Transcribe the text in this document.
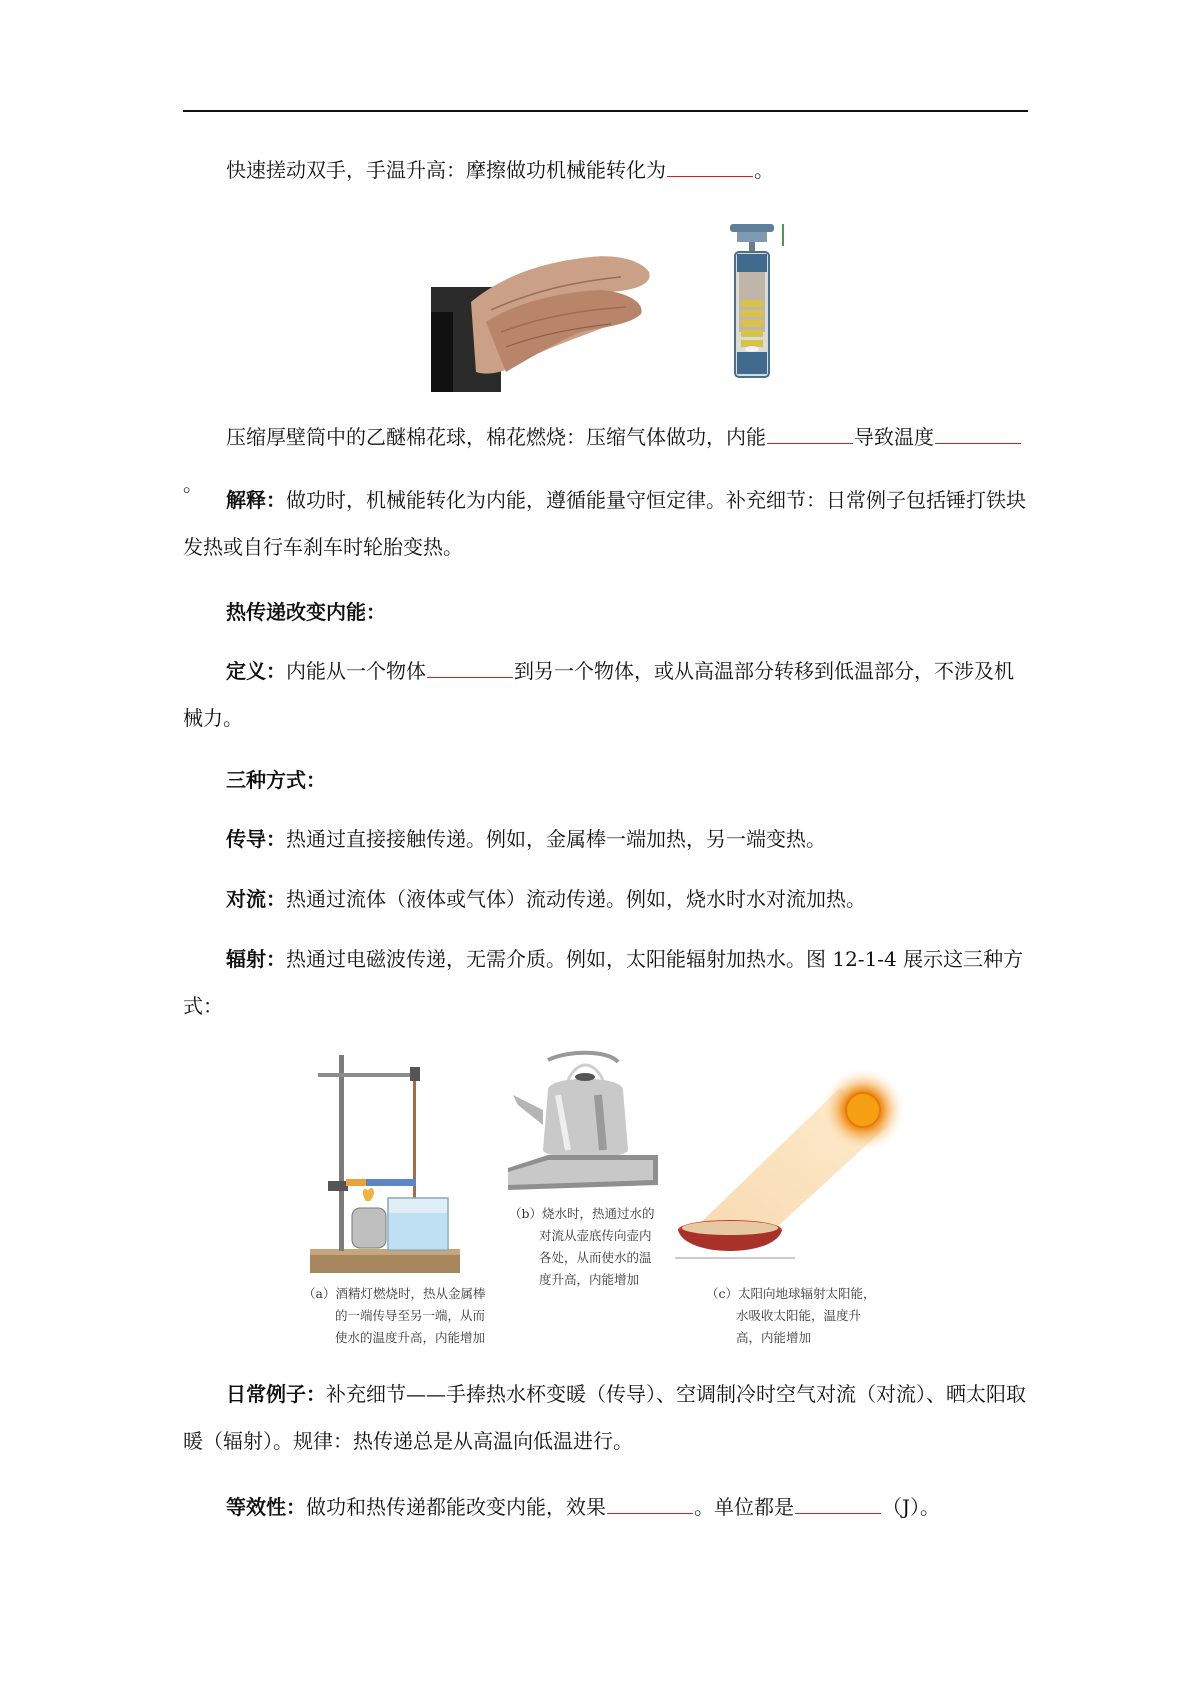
快速搓动双手，手温升高：摩擦做功机械能转化为	。

压缩厚壁筒中的乙醚棉花球，棉花燃烧：压缩气体做功，内能	导致温度。

解释：做功时，机械能转化为内能，遵循能量守恒定律。补充细节：日常例子包括锤打铁块发热或自行车刹车时轮胎变热。

热传递改变内能：

定义：内能从一个物体	到另一个物体，或从高温部分转移到低温部分，不涉及机械力。

三种方式：

传导：热通过直接接触传递。例如，金属棒一端加热，另一端变热。

对流：热通过流体（液体或气体）流动传递。例如，烧水时水对流加热。

辐射：热通过电磁波传递，无需介质。例如，太阳能辐射加热水。图 12-1-4 展示这三种方式：

（a）酒精灯燃烧时，热从金属棒
的一端传导至另一端，从而
使水的温度升高，内能增加
（b）烧水时，热通过水的
对流从壶底传向壶内
各处，从而使水的温
度升高，内能增加
（c）太阳向地球辐射太阳能，
水吸收太阳能，温度升
高，内能增加

日常例子：补充细节——手捧热水杯变暖（传导）、空调制冷时空气对流（对流）、晒太阳取暖（辐射）。规律：热传递总是从高温向低温进行。

等效性：做功和热传递都能改变内能，效果	。单位都是	（J）。
